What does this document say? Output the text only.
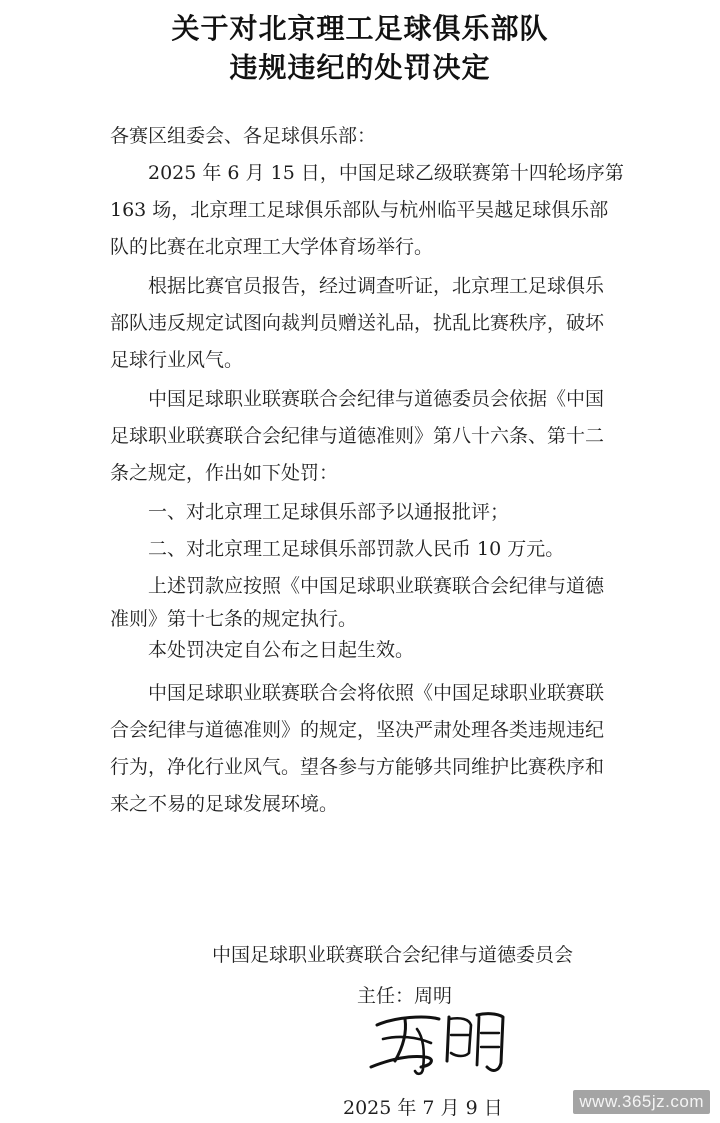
关于对北京理工足球俱乐部队
违规违纪的处罚决定
各赛区组委会、各足球俱乐部：
　　2025 年 6 月 15 日，中国足球乙级联赛第十四轮场序第
163 场，北京理工足球俱乐部队与杭州临平吴越足球俱乐部
队的比赛在北京理工大学体育场举行。
　　根据比赛官员报告，经过调查听证，北京理工足球俱乐
部队违反规定试图向裁判员赠送礼品，扰乱比赛秩序，破坏
足球行业风气。
　　中国足球职业联赛联合会纪律与道德委员会依据《中国
足球职业联赛联合会纪律与道德准则》第八十六条、第十二
条之规定，作出如下处罚：
　　一、对北京理工足球俱乐部予以通报批评；
　　二、对北京理工足球俱乐部罚款人民币 10 万元。
　　上述罚款应按照《中国足球职业联赛联合会纪律与道德
准则》第十七条的规定执行。
　　本处罚决定自公布之日起生效。
　　中国足球职业联赛联合会将依照《中国足球职业联赛联
合会纪律与道德准则》的规定，坚决严肃处理各类违规违纪
行为，净化行业风气。望各参与方能够共同维护比赛秩序和
来之不易的足球发展环境。
中国足球职业联赛联合会纪律与道德委员会
主任：周明
2025 年 7 月 9 日	www.365jz.com
